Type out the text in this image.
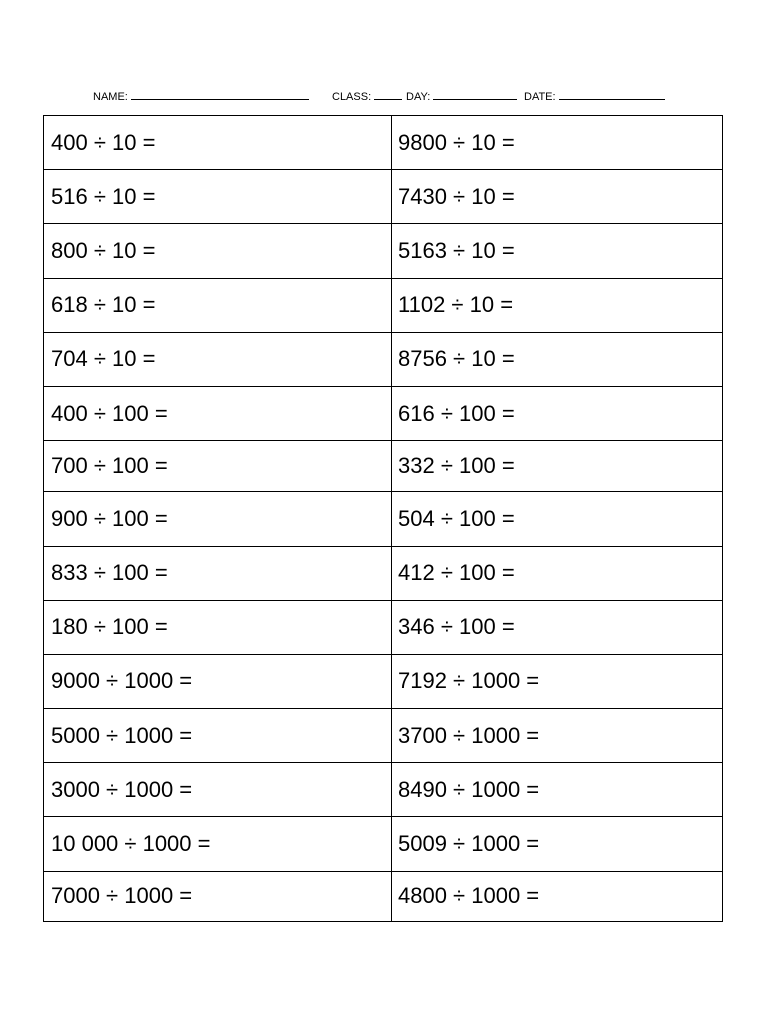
NAME:	CLASS:	DAY:	DATE:
400 ÷ 10 =	9800 ÷ 10 =
516 ÷ 10 =	7430 ÷ 10 =
800 ÷ 10 =	5163 ÷ 10 =
618 ÷ 10 =	1102 ÷ 10 =
704 ÷ 10 =	8756 ÷ 10 =
400 ÷ 100 =	616 ÷ 100 =
700 ÷ 100 =	332 ÷ 100 =
900 ÷ 100 =	504 ÷ 100 =
833 ÷ 100 =	412 ÷ 100 =
180 ÷ 100 =	346 ÷ 100 =
9000 ÷ 1000 =	7192 ÷ 1000 =
5000 ÷ 1000 =	3700 ÷ 1000 =
3000 ÷ 1000 =	8490 ÷ 1000 =
10 000 ÷ 1000 =	5009 ÷ 1000 =
7000 ÷ 1000 =	4800 ÷ 1000 =
